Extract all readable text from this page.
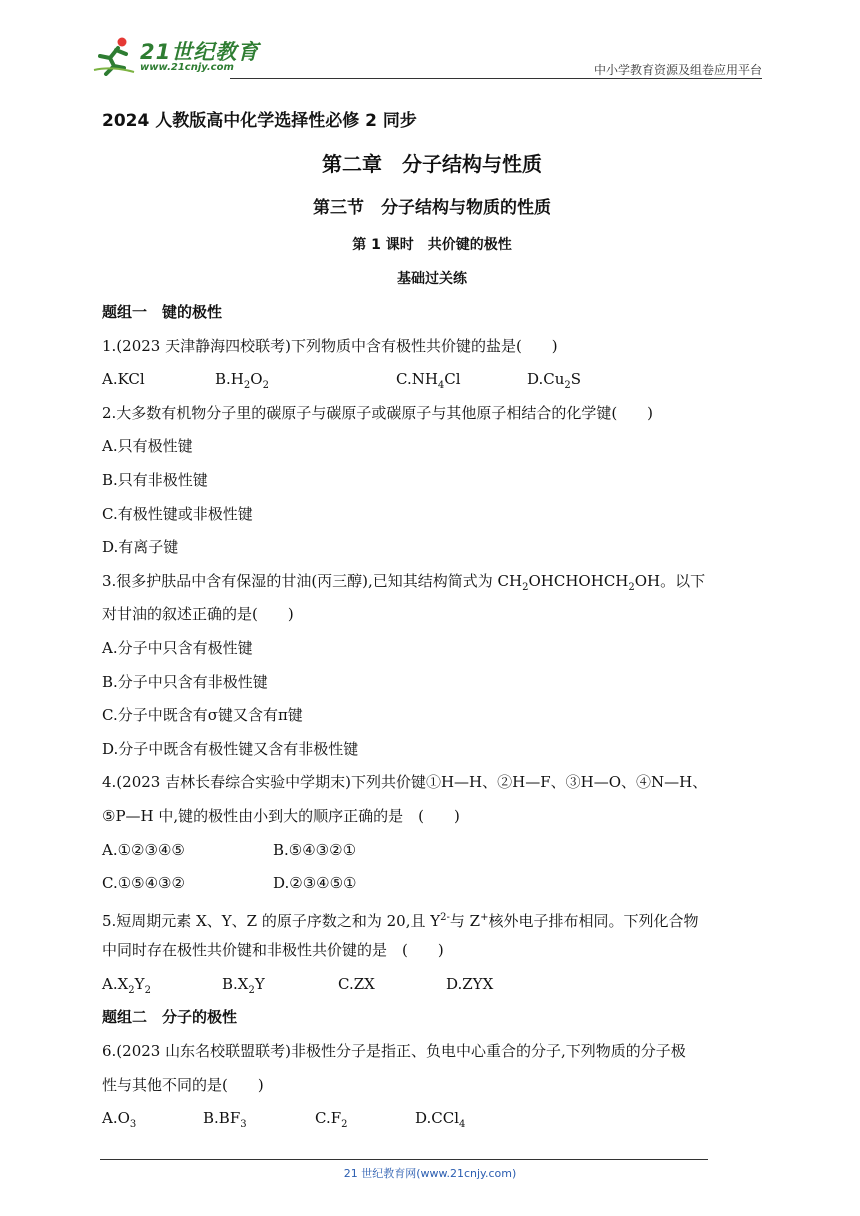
21世纪教育
www.21cnjy.com	中小学教育资源及组卷应用平台
2024 人教版高中化学选择性必修 2 同步
第二章　分子结构与性质
第三节　分子结构与物质的性质
第 1 课时　共价键的极性
基础过关练
题组一　键的极性
1.(2023 天津静海四校联考)下列物质中含有极性共价键的盐是(　　)
A.KCl	$B.H_2O_2$	$C.NH_4Cl$	$D.Cu_2S$
2.大多数有机物分子里的碳原子与碳原子或碳原子与其他原子相结合的化学键(　　)
A.只有极性键
B.只有非极性键
C.有极性键或非极性键
D.有离子键
3.很多护肤品中含有保湿的甘油(丙三醇),已知其结构简式为 $CH_2OHCHOHCH_2OH$。以下
对甘油的叙述正确的是(　　)
A.分子中只含有极性键
B.分子中只含有非极性键
C.分子中既含有σ键又含有π键
D.分子中既含有极性键又含有非极性键
4.(2023 吉林长春综合实验中学期末)下列共价键①H—H、②H—F、③H—O、④N—H、
⑤P—H 中,键的极性由小到大的顺序正确的是　(　　)
A.①②③④⑤	B.⑤④③②①
C.①⑤④③②	D.②③④⑤①
5.短周期元素 X、Y、Z 的原子序数之和为 20,且 $Y^{2-}$与 Z+核外电子排布相同。下列化合物
中同时存在极性共价键和非极性共价键的是　(　　)
$A.X_2Y_2$	$B.X_2Y$	C.ZX	D.ZYX
题组二　分子的极性
6.(2023 山东名校联盟联考)非极性分子是指正、负电中心重合的分子,下列物质的分子极
性与其他不同的是(　　)
$A.O_3$	$B.BF_3$	$C.F_2$	D.CCl$_4$
21 世纪教育网(www.21cnjy.com)
